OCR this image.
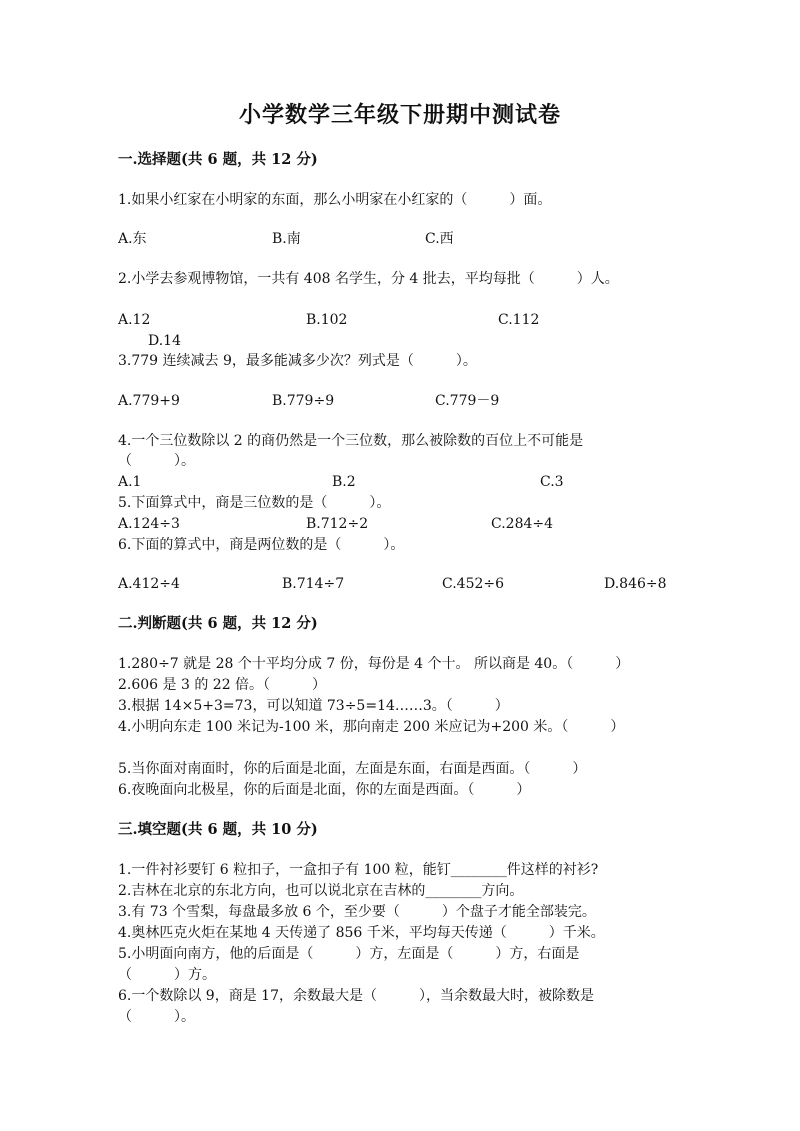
小学数学三年级下册期中测试卷
一.选择题(共 6 题，共 12 分)
1.如果小红家在小明家的东面，那么小明家在小红家的（　　　）面。
A.东	B.南	C.西
2.小学去参观博物馆，一共有 408 名学生，分 4 批去，平均每批（　　　）人。
A.12	B.102	C.112
D.14
3.779 连续减去 9，最多能减多少次？列式是（　　　）。
A.779+9	B.779÷9	C.779－9
4.一个三位数除以 2 的商仍然是一个三位数，那么被除数的百位上不可能是
（　　　）。
A.1	B.2	C.3
5.下面算式中，商是三位数的是（　　　）。
A.124÷3	B.712÷2	C.284÷4
6.下面的算式中，商是两位数的是（　　　）。
A.412÷4	B.714÷7	C.452÷6	D.846÷8
二.判断题(共 6 题，共 12 分)
1.280÷7 就是 28 个十平均分成 7 份，每份是 4 个十。 所以商是 40。（　　　）
2.606 是 3 的 22 倍。（　　　）
3.根据 14×5+3=73，可以知道 73÷5=14……3。（　　　）
4.小明向东走 100 米记为-100 米，那向南走 200 米应记为+200 米。（　　　）
5.当你面对南面时，你的后面是北面，左面是东面，右面是西面。（　　　）
6.夜晚面向北极星，你的后面是北面，你的左面是西面。（　　　）
三.填空题(共 6 题，共 10 分)
1.一件衬衫要钉 6 粒扣子，一盒扣子有 100 粒，能钉________件这样的衬衫?
2.吉林在北京的东北方向，也可以说北京在吉林的________方向。
3.有 73 个雪梨，每盘最多放 6 个，至少要（　　　）个盘子才能全部装完。
4.奥林匹克火炬在某地 4 天传递了 856 千米，平均每天传递（　　　）千米。
5.小明面向南方，他的后面是（　　　）方，左面是（　　　）方，右面是
（　　　）方。
6.一个数除以 9，商是 17，余数最大是（　　　），当余数最大时，被除数是
（　　　）。
